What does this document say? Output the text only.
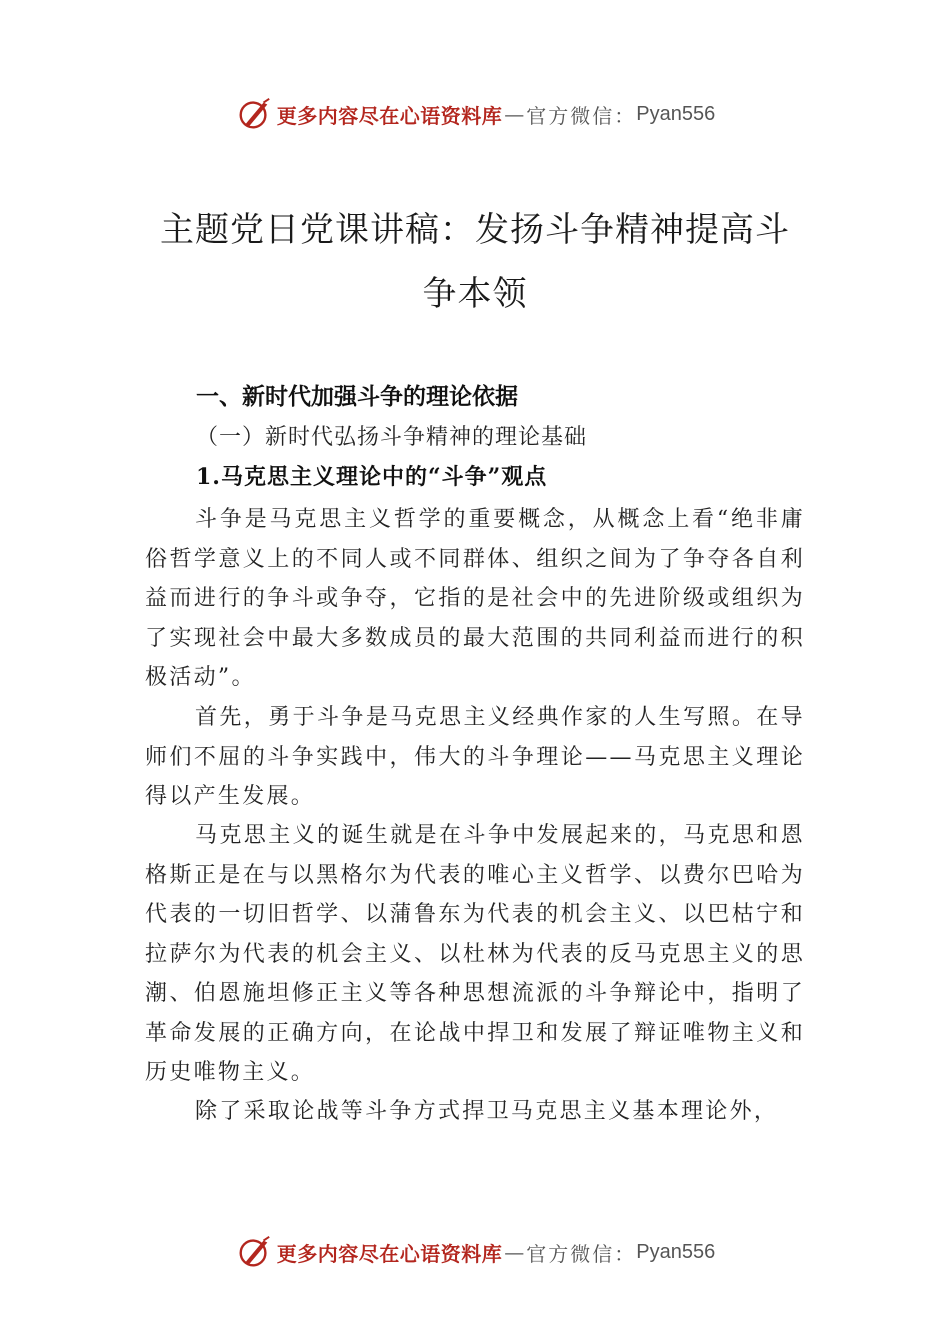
更多内容尽在心语资料库 — 官方微信： Pyan556
主题党日党课讲稿：发扬斗争精神提高斗
争本领
一、新时代加强斗争的理论依据
（一）新时代弘扬斗争精神的理论基础
1.马克思主义理论中的“斗争”观点

斗争是马克思主义哲学的重要概念，从概念上看“绝非庸俗哲学意义上的不同人或不同群体、组织之间为了争夺各自利益而进行的争斗或争夺，它指的是社会中的先进阶级或组织为了实现社会中最大多数成员的最大范围的共同利益而进行的积极活动”。

首先，勇于斗争是马克思主义经典作家的人生写照。在导师们不屈的斗争实践中，伟大的斗争理论——马克思主义理论得以产生发展。

马克思主义的诞生就是在斗争中发展起来的，马克思和恩格斯正是在与以黑格尔为代表的唯心主义哲学、以费尔巴哈为代表的一切旧哲学、以蒲鲁东为代表的机会主义、以巴枯宁和拉萨尔为代表的机会主义、以杜林为代表的反马克思主义的思潮、伯恩施坦修正主义等各种思想流派的斗争辩论中，指明了革命发展的正确方向，在论战中捍卫和发展了辩证唯物主义和历史唯物主义。

除了采取论战等斗争方式捍卫马克思主义基本理论外，

更多内容尽在心语资料库 — 官方微信： Pyan556
